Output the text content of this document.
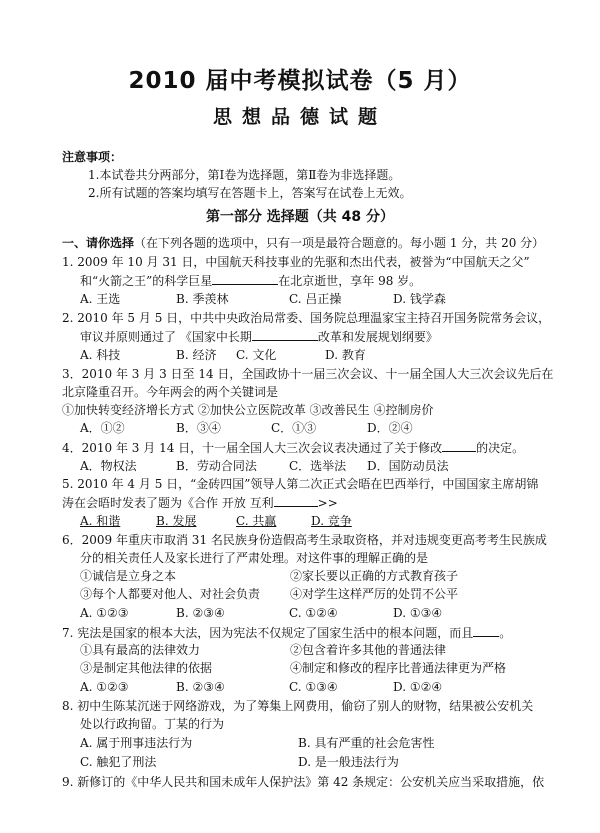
2010 届中考模拟试卷（5 月）
思想品德试题
注意事项：
1.本试卷共分两部分，第Ⅰ卷为选择题，第Ⅱ卷为非选择题。
2.所有试题的答案均填写在答题卡上，答案写在试卷上无效。
第一部分 选择题（共 48 分）
一、请你选择（在下列各题的选项中，只有一项是最符合题意的。每小题 1 分，共 20 分）
1. 2009 年 10 月 31 日，中国航天科技事业的先驱和杰出代表，被誉为“中国航天之父”
和“火箭之王”的科学巨星	在北京逝世，享年 98 岁。
A. 王选	B. 季羡林	C. 吕正操	D. 钱学森
2. 2010 年 5 月 5 日，中共中央政治局常委、国务院总理温家宝主持召开国务院常务会议，
审议并原则通过了 《国家中长期	改革和发展规划纲要》
A. 科技	B. 经济 C. 文化	D. 教育
3．2010 年 3 月 3 日至 14 日，全国政协十一届三次会议、十一届全国人大三次会议先后在
北京隆重召开。今年两会的两个关键词是
①加快转变经济增长方式 ②加快公立医院改革 ③改善民生 ④控制房价
A．①②	B．③④	C．①③	D．②④
4．2010 年 3 月 14 日，十一届全国人大三次会议表决通过了关于修改	的决定。
A．物权法	B．劳动合同法	C．选举法 D．国防动员法
5. 2010 年 4 月 5 日，“金砖四国”领导人第二次正式会晤在巴西举行，中国国家主席胡锦
涛在会晤时发表了题为《合作 开放 互利	>>
A. 和谐	B. 发展	C. 共赢	D. 竞争
6．2009 年重庆市取消 31 名民族身份造假高考生录取资格，并对违规变更高考考生民族成
分的相关责任人及家长进行了严肃处理。对这件事的理解正确的是
①诚信是立身之本	②家长要以正确的方式教育孩子
③每个人都要对他人、对社会负责 ④对学生这样严厉的处罚不公平
A. ①②③	B. ②③④	C. ①②④	D. ①③④
7. 宪法是国家的根本大法，因为宪法不仅规定了国家生活中的根本问题，而且 。
①具有最高的法律效力	②包含着许多其他的普通法律
③是制定其他法律的依据	④制定和修改的程序比普通法律更为严格
A. ①②③	B. ②③④	C. ①③④	D. ①②④
8. 初中生陈某沉迷于网络游戏，为了筹集上网费用，偷窃了别人的财物，结果被公安机关
处以行政拘留。丁某的行为
A. 属于刑事违法行为	B. 具有严重的社会危害性
C. 触犯了刑法	D. 是一般违法行为
9. 新修订的《中华人民共和国未成年人保护法》第 42 条规定：公安机关应当采取措施，依
